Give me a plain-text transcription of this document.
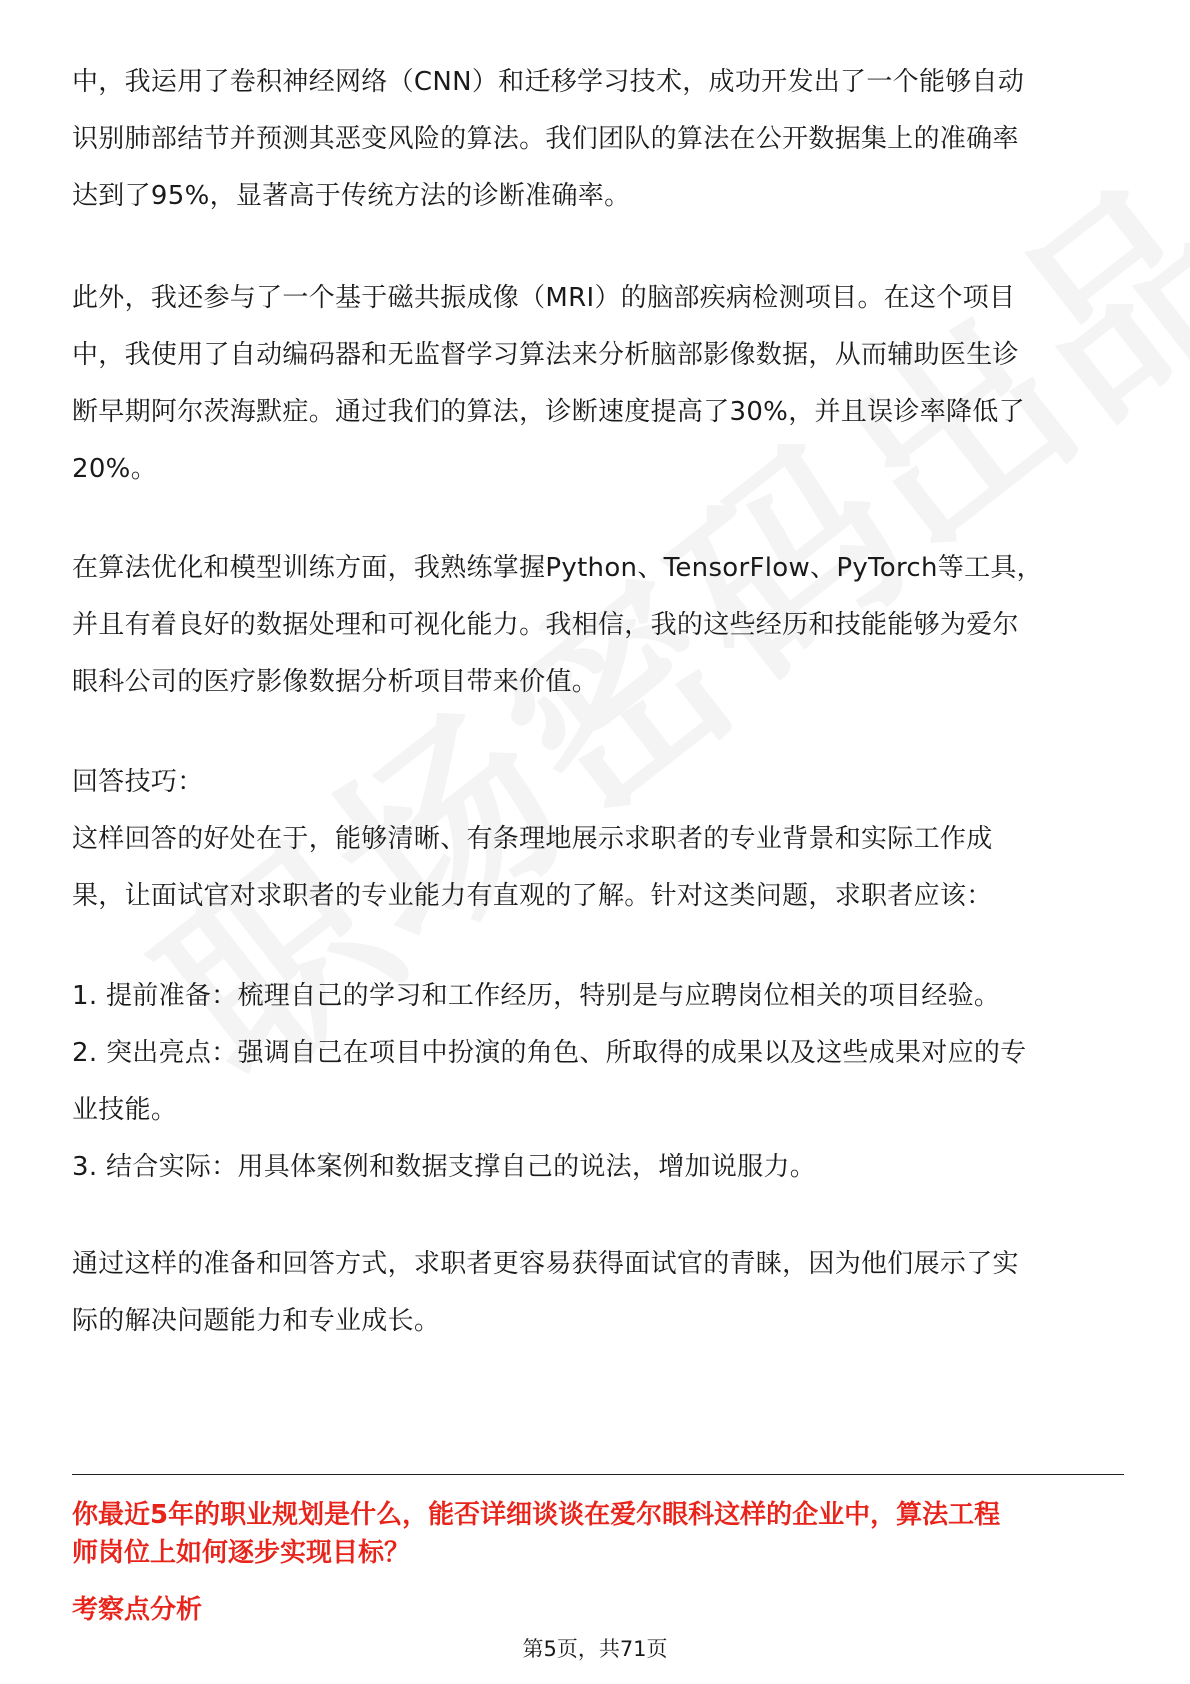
中，我运用了卷积神经网络（CNN）和迁移学习技术，成功开发出了一个能够自动
识别肺部结节并预测其恶变风险的算法。我们团队的算法在公开数据集上的准确率
达到了95%，显著高于传统方法的诊断准确率。

此外，我还参与了一个基于磁共振成像（MRI）的脑部疾病检测项目。在这个项目
中，我使用了自动编码器和无监督学习算法来分析脑部影像数据，从而辅助医生诊
断早期阿尔茨海默症。通过我们的算法，诊断速度提高了30%，并且误诊率降低了
20%。

在算法优化和模型训练方面，我熟练掌握Python、TensorFlow、PyTorch等工具，
并且有着良好的数据处理和可视化能力。我相信，我的这些经历和技能能够为爱尔
眼科公司的医疗影像数据分析项目带来价值。

回答技巧：
这样回答的好处在于，能够清晰、有条理地展示求职者的专业背景和实际工作成
果，让面试官对求职者的专业能力有直观的了解。针对这类问题，求职者应该：

1. 提前准备：梳理自己的学习和工作经历，特别是与应聘岗位相关的项目经验。
2. 突出亮点：强调自己在项目中扮演的角色、所取得的成果以及这些成果对应的专
业技能。
3. 结合实际：用具体案例和数据支撑自己的说法，增加说服力。

通过这样的准备和回答方式，求职者更容易获得面试官的青睐，因为他们展示了实
际的解决问题能力和专业成长。

你最近5年的职业规划是什么，能否详细谈谈在爱尔眼科这样的企业中，算法工程
师岗位上如何逐步实现目标？

考察点分析

第5页，共71页
